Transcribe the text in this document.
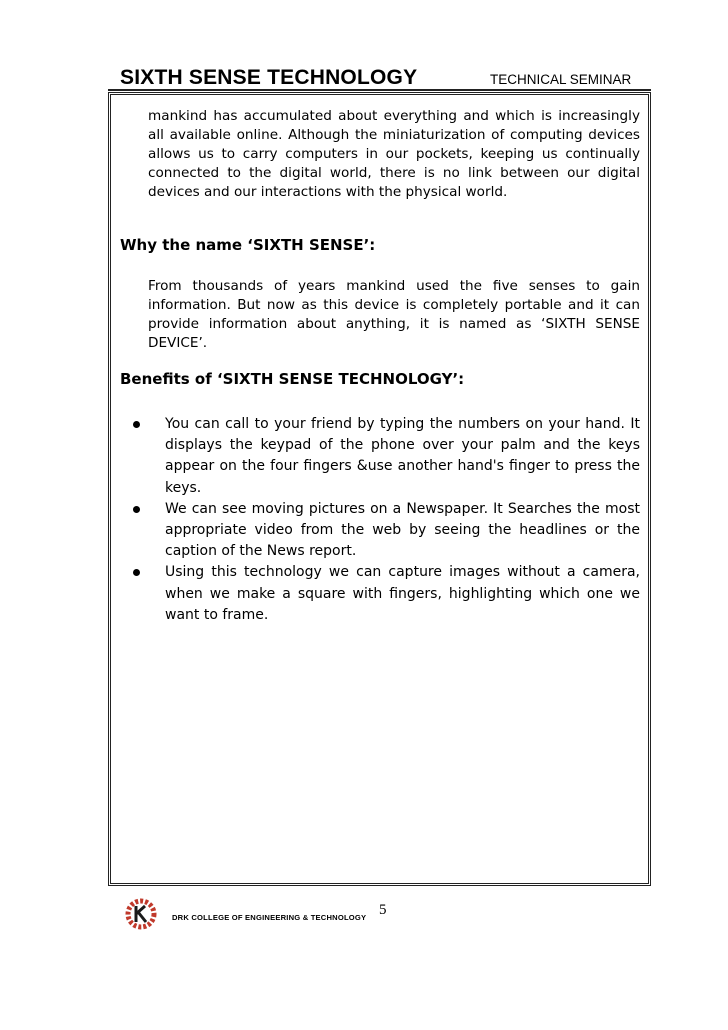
SIXTH SENSE TECHNOLOGY	TECHNICAL SEMINAR

mankind has accumulated about everything and which is increasingly all available online. Although the miniaturization of computing devices allows us to carry computers in our pockets, keeping us continually connected to the digital world, there is no link between our digital devices and our interactions with the physical world.

Why the name ‘SIXTH SENSE’:

From thousands of years mankind used the five senses to gain information. But now as this device is completely portable and it can provide information about anything, it is named as ‘SIXTH SENSE DEVICE’.

Benefits of ‘SIXTH SENSE TECHNOLOGY’:
You can call to your friend by typing the numbers on your hand. It displays the keypad of the phone over your palm and the keys appear on the four fingers &use another hand's finger to press the keys.
We can see moving pictures on a Newspaper. It Searches the most appropriate video from the web by seeing the headlines or the caption of the News report.
Using this technology we can capture images without a camera, when we make a square with fingers, highlighting which one we want to frame.
DRK COLLEGE OF ENGINEERING & TECHNOLOGY 5
